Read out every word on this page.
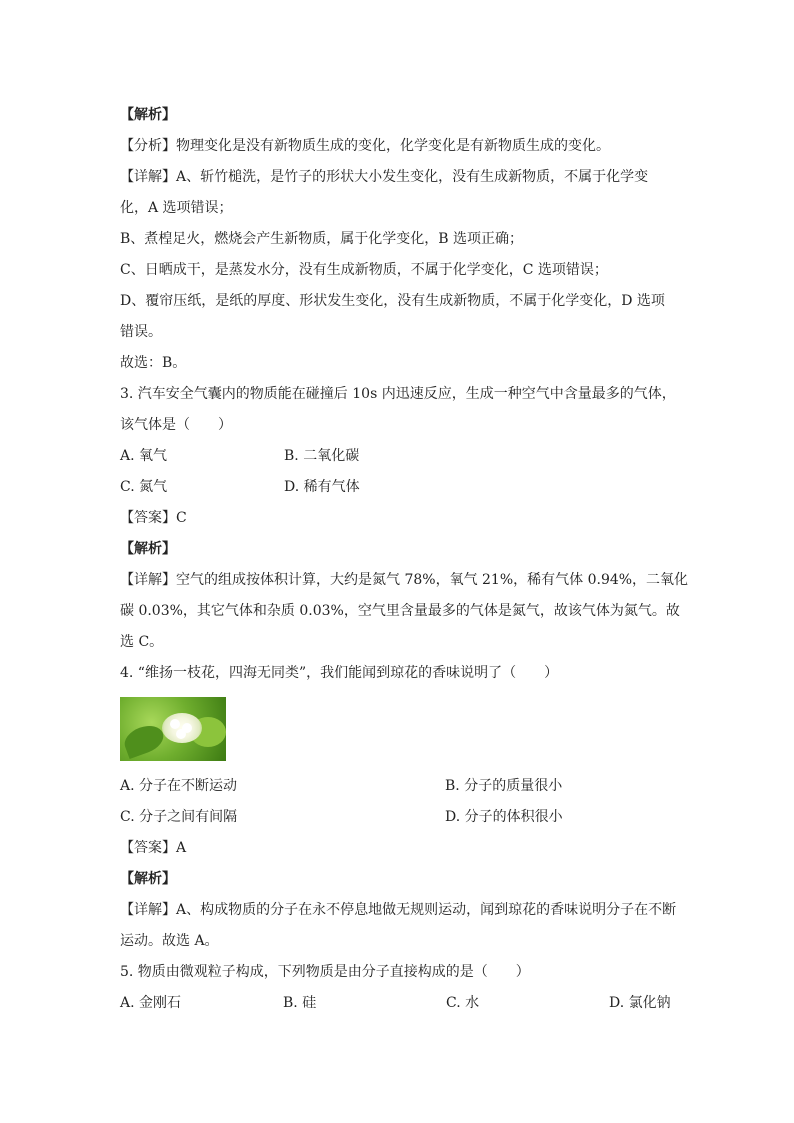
【解析】
【分析】物理变化是没有新物质生成的变化，化学变化是有新物质生成的变化。
【详解】A、斩竹槌洗，是竹子的形状大小发生变化，没有生成新物质，不属于化学变
化，A 选项错误；
B、煮楻足火，燃烧会产生新物质，属于化学变化，B 选项正确；
C、日晒成干，是蒸发水分，没有生成新物质，不属于化学变化，C 选项错误；
D、覆帘压纸，是纸的厚度、形状发生变化，没有生成新物质，不属于化学变化，D 选项
错误。
故选：B。
3. 汽车安全气囊内的物质能在碰撞后 10s 内迅速反应，生成一种空气中含量最多的气体，
该气体是（　　）
A. 氧气	B. 二氧化碳
C. 氮气	D. 稀有气体
【答案】C
【解析】
【详解】空气的组成按体积计算，大约是氮气 78%，氧气 21%，稀有气体 0.94%，二氧化
碳 0.03%，其它气体和杂质 0.03%，空气里含量最多的气体是氮气，故该气体为氮气。故
选 C。
4. “维扬一枝花，四海无同类”，我们能闻到琼花的香味说明了（　　）
A. 分子在不断运动	B. 分子的质量很小
C. 分子之间有间隔	D. 分子的体积很小
【答案】A
【解析】
【详解】A、构成物质的分子在永不停息地做无规则运动，闻到琼花的香味说明分子在不断
运动。故选 A。
5. 物质由微观粒子构成，下列物质是由分子直接构成的是（　　）
A. 金刚石	B. 硅	C. 水	D. 氯化钠
